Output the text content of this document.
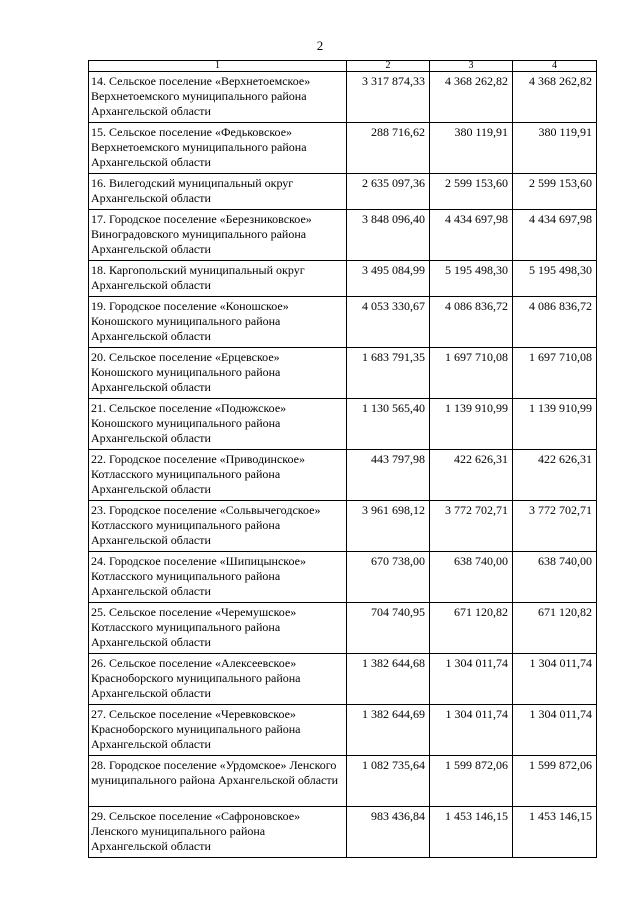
2
1	2	3	4
14. Сельское поселение «Верхнетоемское» Верхнетоемского муниципального района Архангельской области	3 317 874,33	4 368 262,82	4 368 262,82
15. Сельское поселение «Федьковское» Верхнетоемского муниципального района Архангельской области	288 716,62	380 119,91	380 119,91
16. Вилегодский муниципальный округ Архангельской области	2 635 097,36	2 599 153,60	2 599 153,60
17. Городское поселение «Березниковское» Виноградовского муниципального района Архангельской области	3 848 096,40	4 434 697,98	4 434 697,98
18. Каргопольский муниципальный округ Архангельской области	3 495 084,99	5 195 498,30	5 195 498,30
19. Городское поселение «Коношское» Коношского муниципального района Архангельской области	4 053 330,67	4 086 836,72	4 086 836,72
20. Сельское поселение «Ерцевское» Коношского муниципального района Архангельской области	1 683 791,35	1 697 710,08	1 697 710,08
21. Сельское поселение «Подюжское» Коношского муниципального района Архангельской области	1 130 565,40	1 139 910,99	1 139 910,99
22. Городское поселение «Приводинское» Котласского муниципального района Архангельской области	443 797,98	422 626,31	422 626,31
23. Городское поселение «Сольвычегодское» Котласского муниципального района Архангельской области	3 961 698,12	3 772 702,71	3 772 702,71
24. Городское поселение «Шипицынское» Котласского муниципального района Архангельской области	670 738,00	638 740,00	638 740,00
25. Сельское поселение «Черемушское» Котласского муниципального района Архангельской области	704 740,95	671 120,82	671 120,82
26. Сельское поселение «Алексеевское» Красноборского муниципального района Архангельской области	1 382 644,68	1 304 011,74	1 304 011,74
27. Сельское поселение «Черевковское» Красноборского муниципального района Архангельской области	1 382 644,69	1 304 011,74	1 304 011,74
28. Городское поселение «Урдомское» Ленского муниципального района Архангельской области	1 082 735,64	1 599 872,06	1 599 872,06
29. Сельское поселение «Сафроновское» Ленского муниципального района Архангельской области	983 436,84	1 453 146,15	1 453 146,15
